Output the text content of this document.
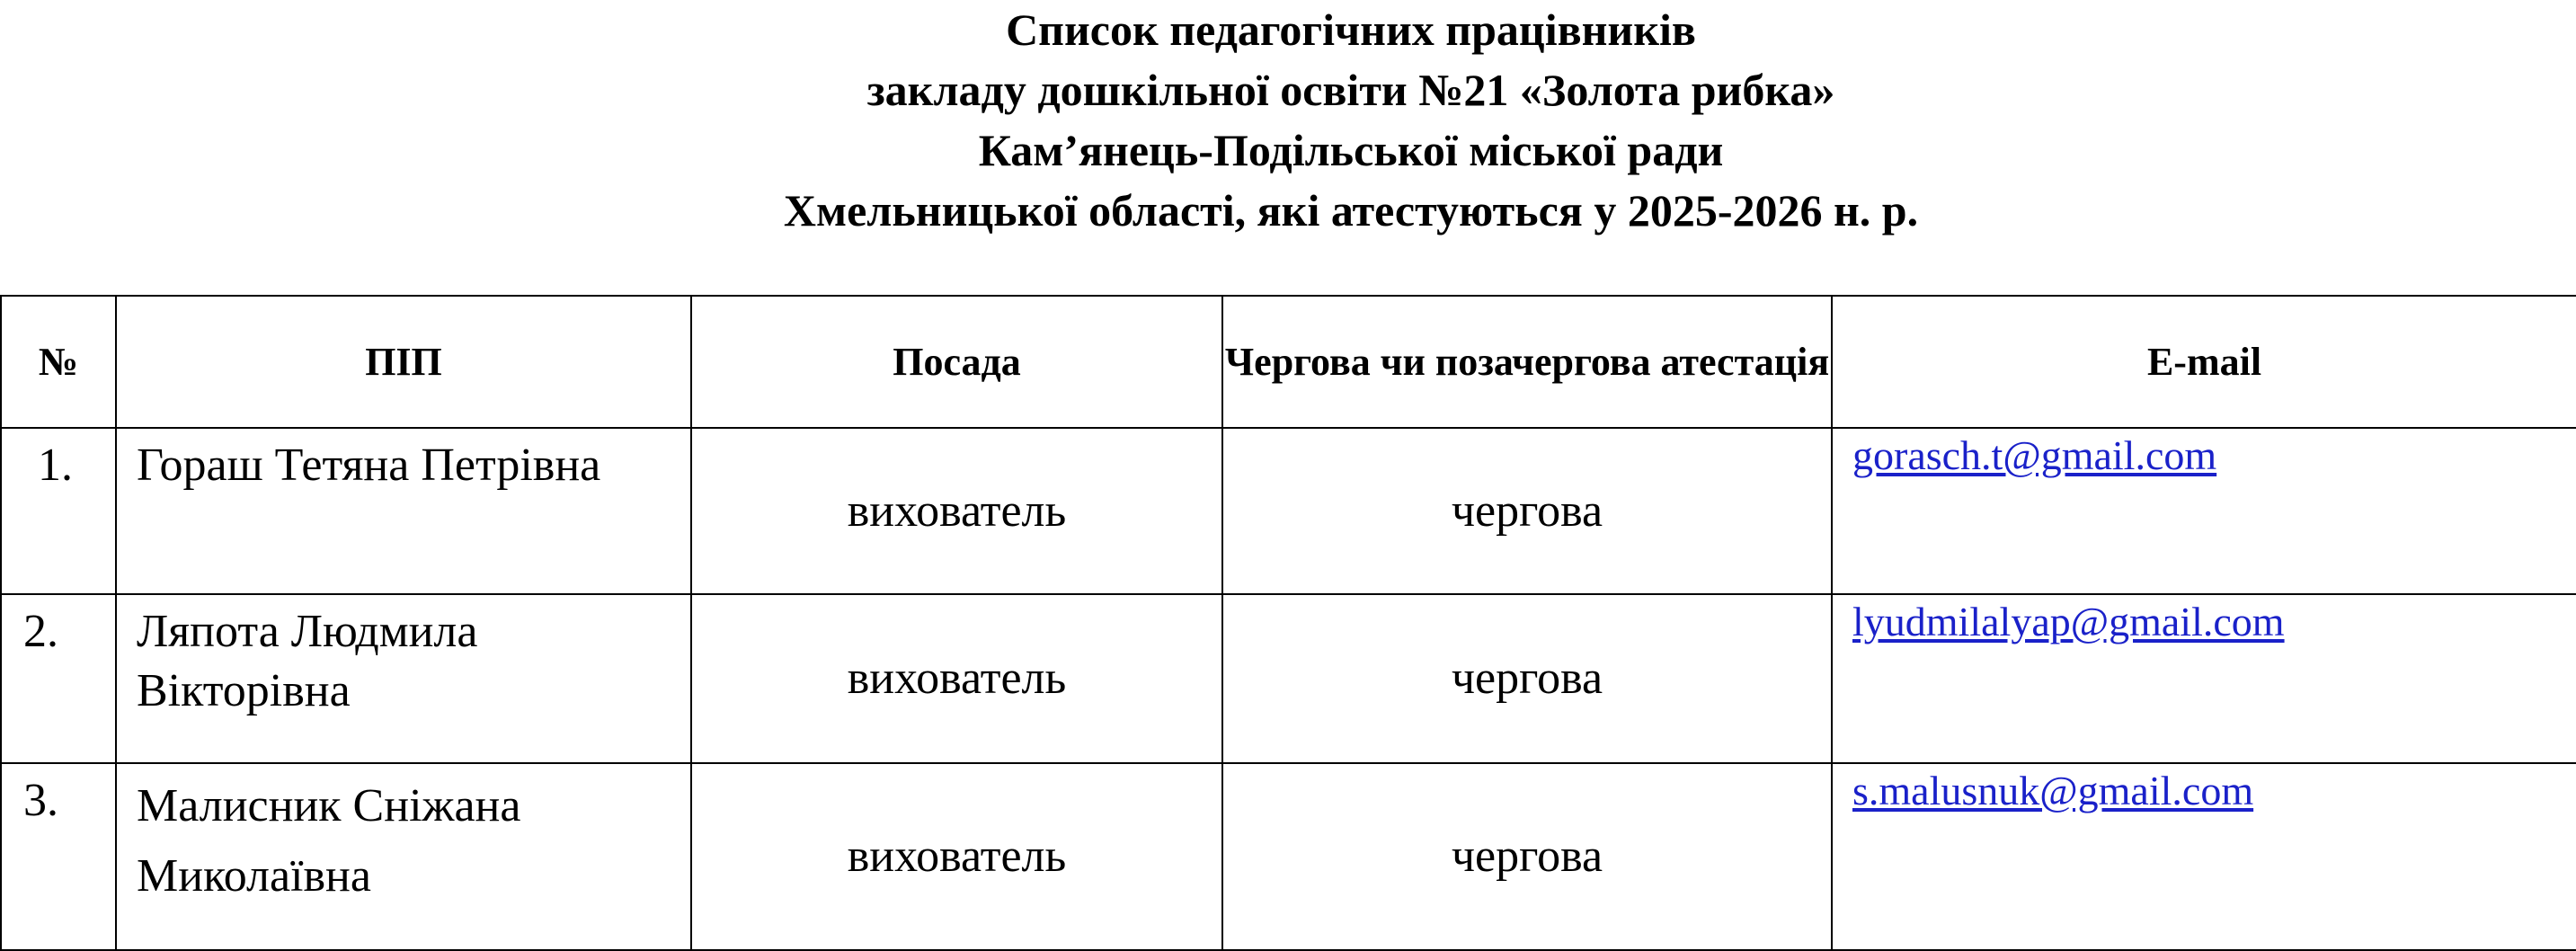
Список педагогічних працівників
закладу дошкільної освіти №21 «Золота рибка»
Кам’янець-Подільської міської ради
Хмельницької області, які атестуються у 2025-2026 н. р.
№	ПІП	Посада	Чергова чи позачергова атестація	E-mail
1.	Гораш Тетяна Петрівна	вихователь	чергова	gorasch.t@gmail.com
2.	Ляпота Людмила Вікторівна	вихователь	чергова	lyudmilalyap@gmail.com
3.	Малисник Сніжана Миколаївна	вихователь	чергова	s.malusnuk@gmail.com
